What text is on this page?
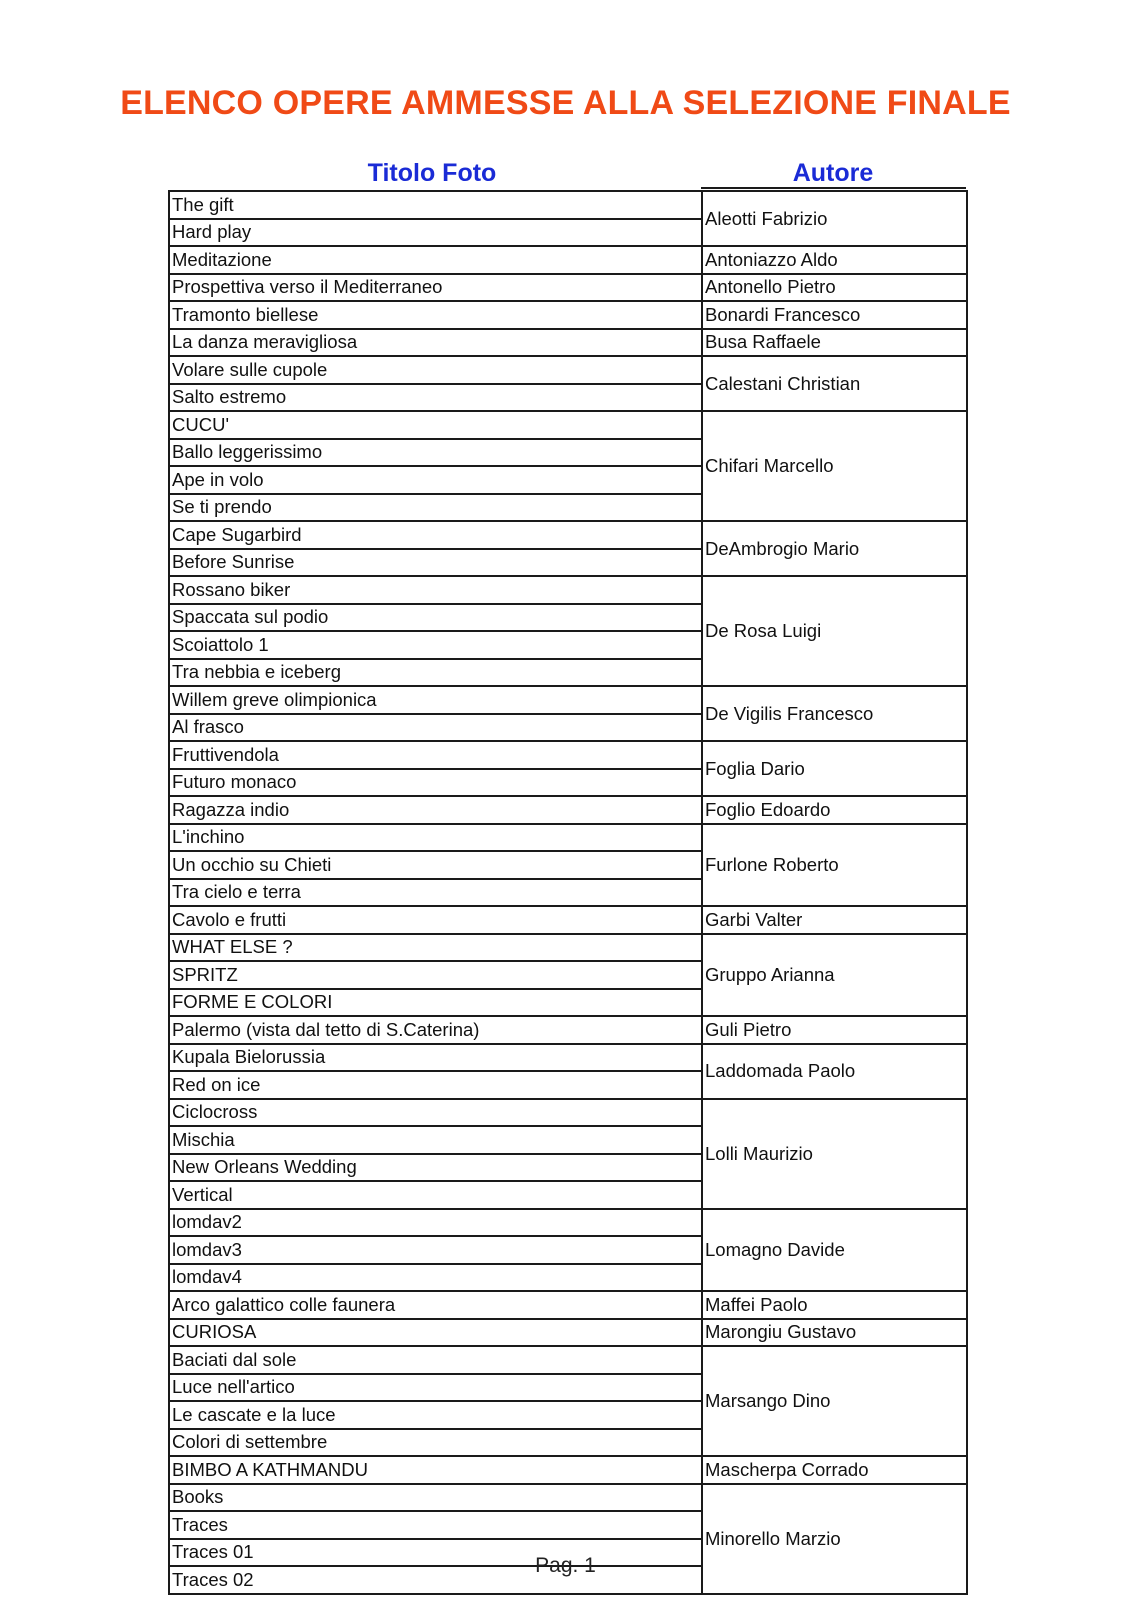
ELENCO OPERE AMMESSE ALLA SELEZIONE FINALE
Titolo Foto	Autore
The gift	Aleotti Fabrizio
Hard play	
Meditazione	Antoniazzo Aldo
Prospettiva verso il Mediterraneo	Antonello Pietro
Tramonto biellese	Bonardi Francesco
La danza meravigliosa	Busa Raffaele
Volare sulle cupole	Calestani Christian
Salto estremo	
CUCU'	Chifari Marcello
Ballo leggerissimo	
Ape in volo	
Se ti prendo	
Cape Sugarbird	DeAmbrogio Mario
Before Sunrise	
Rossano biker	De Rosa Luigi
Spaccata sul podio	
Scoiattolo 1	
Tra nebbia e iceberg	
Willem greve olimpionica	De Vigilis Francesco
Al frasco	
Fruttivendola	Foglia Dario
Futuro monaco	
Ragazza indio	Foglio Edoardo
L'inchino	Furlone Roberto
Un occhio su Chieti	
Tra cielo e terra	
Cavolo e frutti	Garbi Valter
WHAT ELSE ?	Gruppo Arianna
SPRITZ	
FORME E COLORI	
Palermo (vista dal tetto di S.Caterina)	Guli Pietro
Kupala Bielorussia	Laddomada Paolo
Red on ice	
Ciclocross	Lolli Maurizio
Mischia	
New Orleans Wedding	
Vertical	
lomdav2	Lomagno Davide
lomdav3	
lomdav4	
Arco galattico colle faunera	Maffei Paolo
CURIOSA	Marongiu Gustavo
Baciati dal sole	Marsango Dino
Luce nell'artico	
Le cascate e la luce	
Colori di settembre	
BIMBO A KATHMANDU	Mascherpa Corrado
Books	Minorello Marzio
Traces	
Traces 01	
Traces 02	
Pag. 1
